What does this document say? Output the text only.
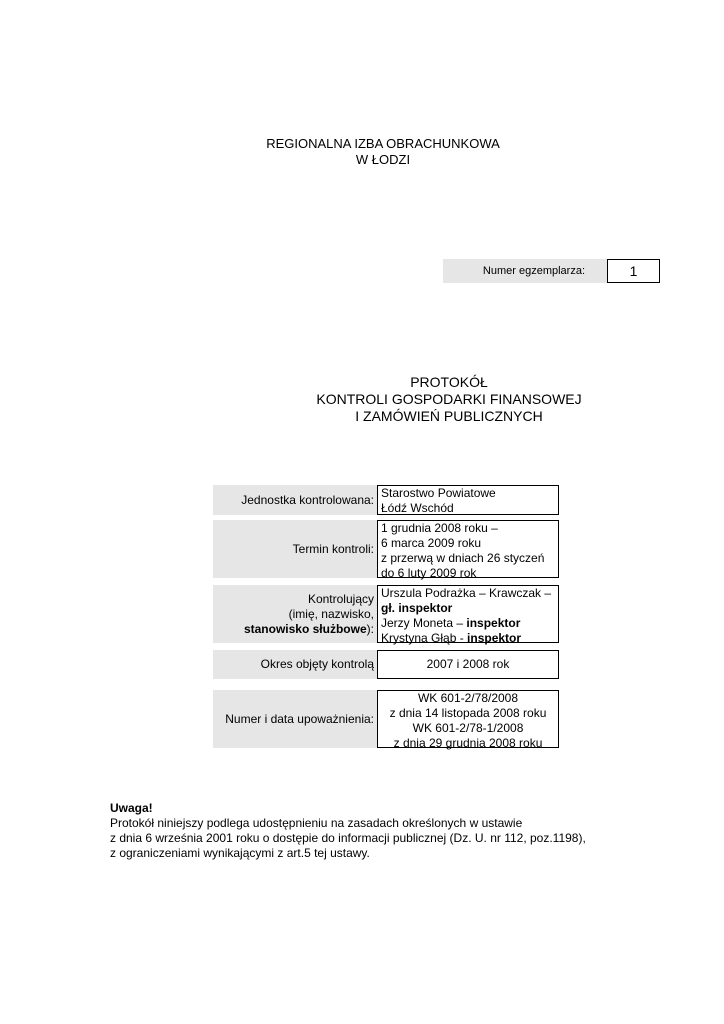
REGIONALNA IZBA OBRACHUNKOWA
W ŁODZI
Numer egzemplarza:	1
PROTOKÓŁ
KONTROLI GOSPODARKI FINANSOWEJ
I ZAMÓWIEŃ PUBLICZNYCH
Jednostka kontrolowana: Starostwo Powiatowe
Łódź Wschód
Termin kontroli:
1 grudnia 2008 roku –
6 marca 2009 roku
z przerwą w dniach 26 styczeń
do 6 luty 2009 rok
Kontrolujący
(imię, nazwisko,
stanowisko służbowe):
Urszula Podrażka – Krawczak –
gł. inspektor
Jerzy Moneta – inspektor
Krystyna Głąb - inspektor
Okres objęty kontrolą	2007 i 2008 rok
Numer i data upoważnienia:
WK 601-2/78/2008
z dnia 14 listopada 2008 roku
WK 601-2/78-1/2008
z dnia 29 grudnia 2008 roku
Uwaga!
Protokół niniejszy podlega udostępnieniu na zasadach określonych w ustawie
z dnia 6 września 2001 roku o dostępie do informacji publicznej (Dz. U. nr 112, poz.1198),
z ograniczeniami wynikającymi z art.5 tej ustawy.
